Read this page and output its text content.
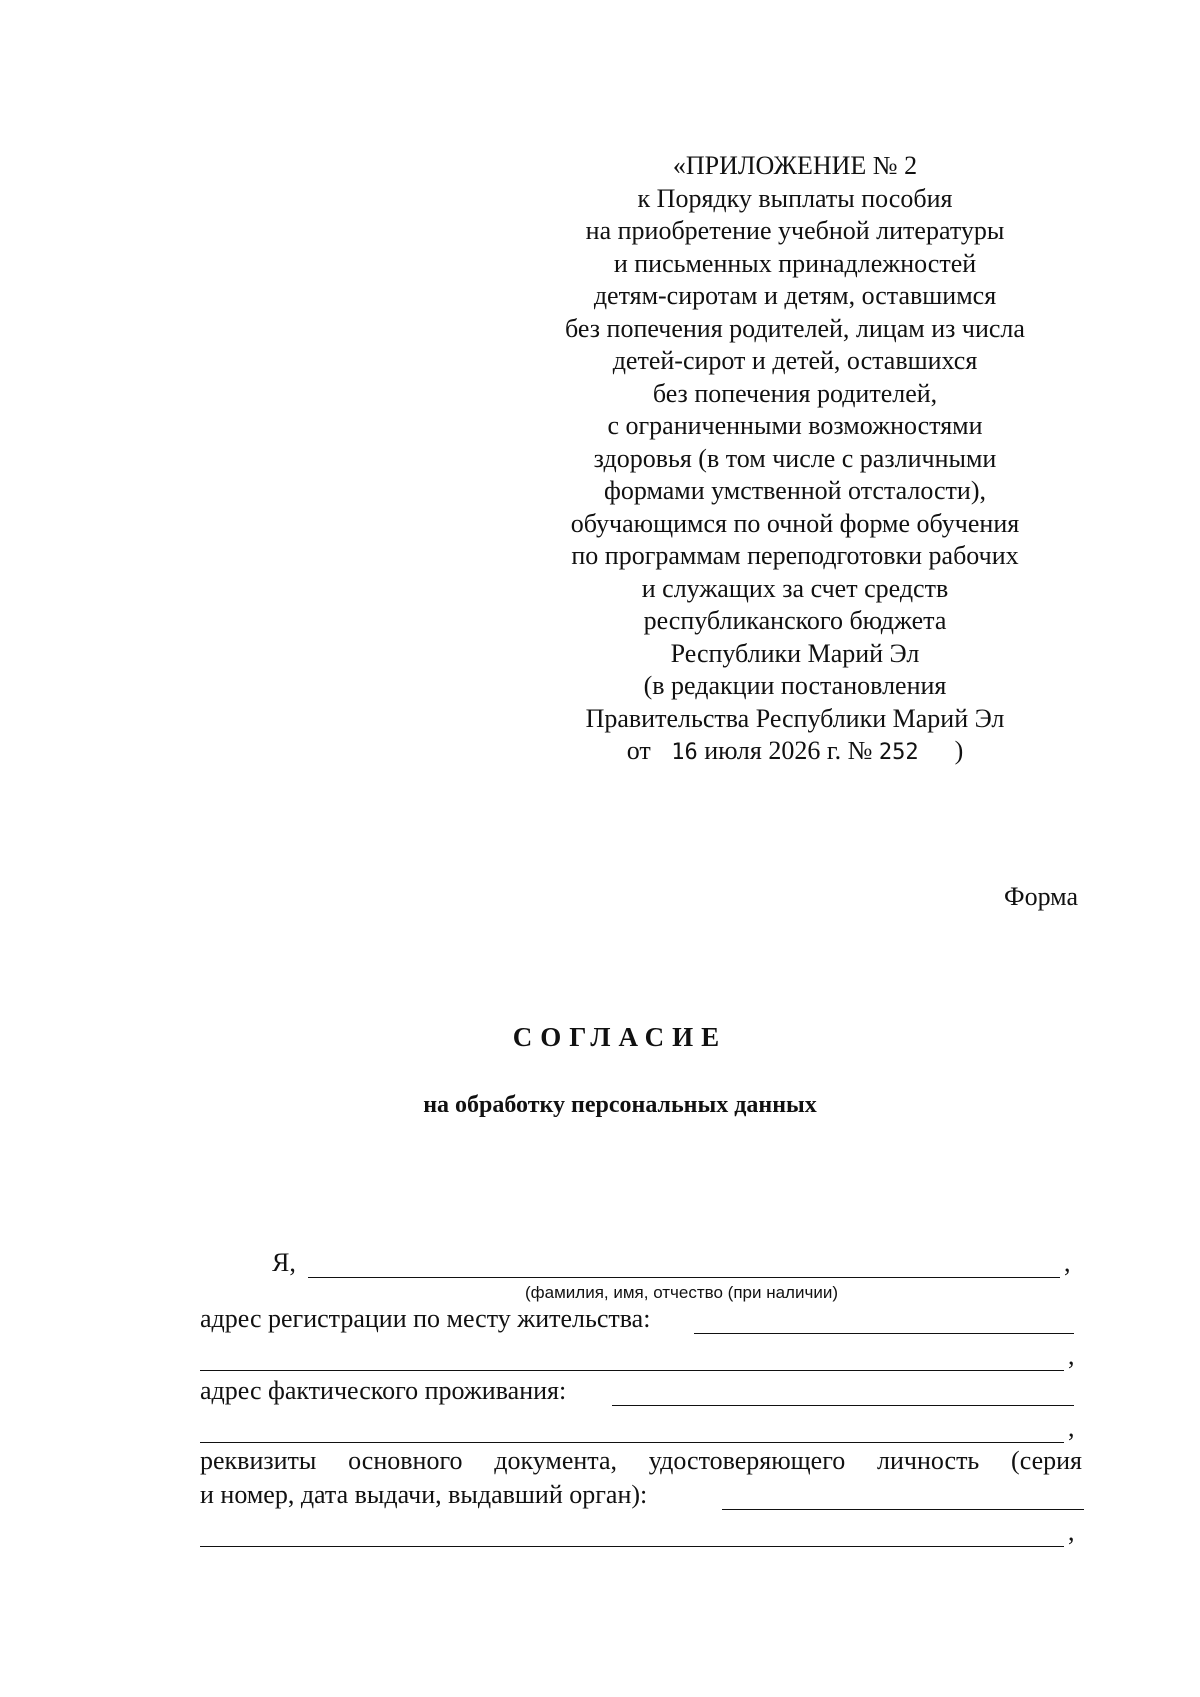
«ПРИЛОЖЕНИЕ № 2
к Порядку выплаты пособия
на приобретение учебной литературы
и письменных принадлежностей
детям-сиротам и детям, оставшимся
без попечения родителей, лицам из числа
детей-сирот и детей, оставшихся
без попечения родителей,
с ограниченными возможностями
здоровья (в том числе с различными
формами умственной отсталости),
обучающимся по очной форме обучения
по программам переподготовки рабочих
и служащих за счет средств
республиканского бюджета
Республики Марий Эл
(в редакции постановления
Правительства Республики Марий Эл
от 16 июля 2026 г. № 252 )
Форма
СОГЛАСИЕ
на обработку персональных данных
Я,	,
(фамилия, имя, отчество (при наличии)
адрес регистрации по месту жительства:
,
адрес фактического проживания:
,
реквизиты основного документа, удостоверяющего личность (серия
и номер, дата выдачи, выдавший орган):
,
